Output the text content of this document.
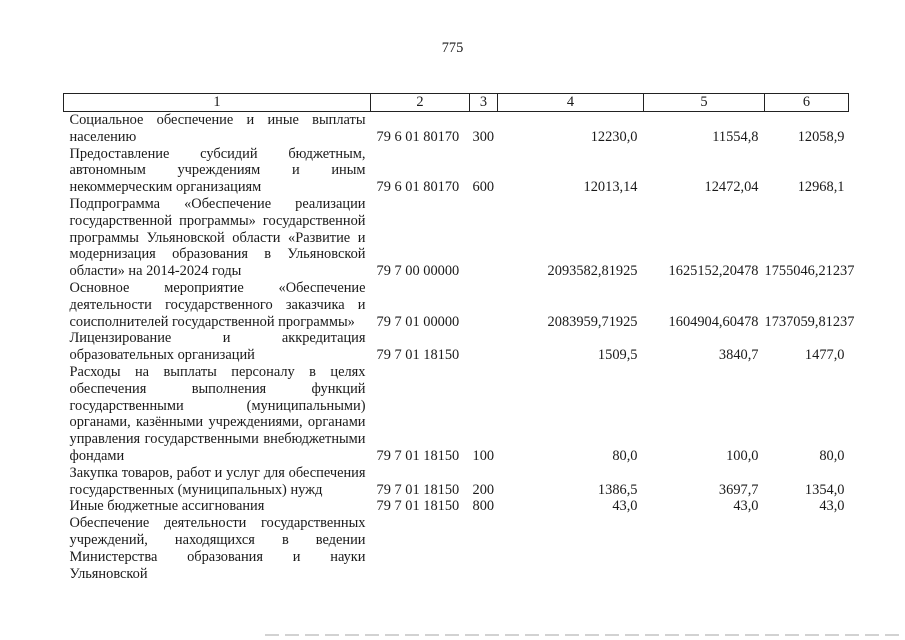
775
1	2	3	4	5	6
Социальное обеспечение и иные выплаты населению	79 6 01 80170	300	12230,0	11554,8	12058,9
Предоставление субсидий бюджетным, автономным учреждениям и иным некоммерческим организациям	79 6 01 80170	600	12013,14	12472,04	12968,1
Подпрограмма «Обеспечение реализации государственной программы» государственной программы Ульяновской области «Развитие и модернизация образования в Ульяновской области» на 2014-2024 годы	79 7 00 00000		2093582,81925	1625152,20478	1755046,21237
Основное мероприятие «Обеспечение деятельности государственного заказчика и соисполнителей государственной программы»	79 7 01 00000		2083959,71925	1604904,60478	1737059,81237
Лицензирование и аккредитация образовательных организаций	79 7 01 18150		1509,5	3840,7	1477,0
Расходы на выплаты персоналу в целях обеспечения выполнения функций государственными (муниципальными) органами, казёнными учреждениями, органами управления государственными внебюджетными фондами	79 7 01 18150	100	80,0	100,0	80,0
Закупка товаров, работ и услуг для обеспечения государственных (муниципальных) нужд	79 7 01 18150	200	1386,5	3697,7	1354,0
Иные бюджетные ассигнования	79 7 01 18150	800	43,0	43,0	43,0
Обеспечение деятельности государственных учреждений, находящихся в ведении Министерства образования и науки Ульяновской					
